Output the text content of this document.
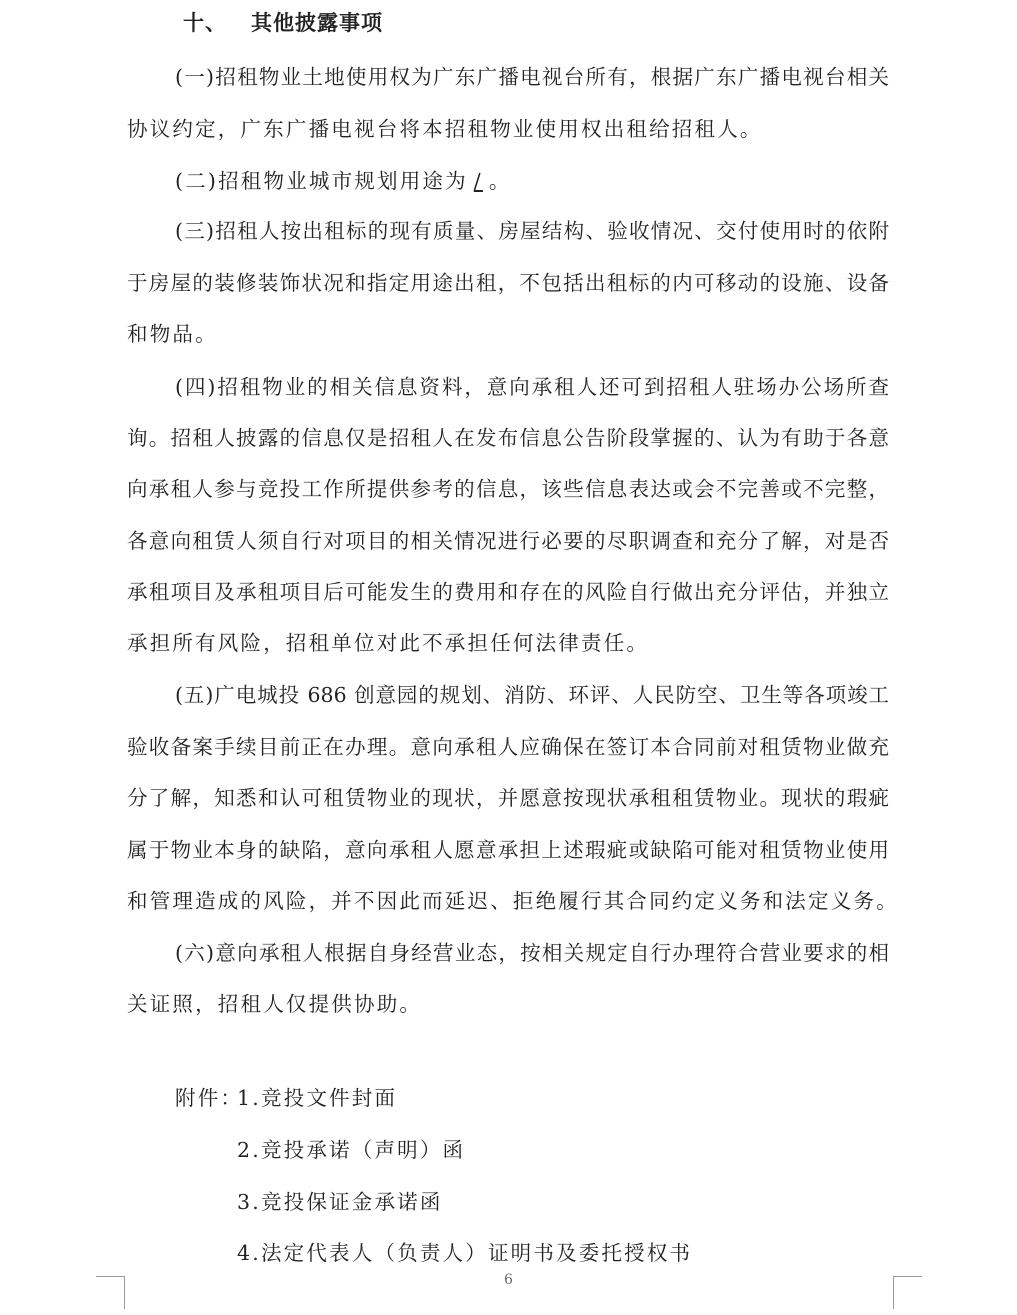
十、 其他披露事项
(一)招租物业土地使用权为广东广播电视台所有，根据广东广播电视台相关
协议约定，广东广播电视台将本招租物业使用权出租给招租人。
(二)招租物业城市规划用途为 / 。
(三)招租人按出租标的现有质量、房屋结构、验收情况、交付使用时的依附
于房屋的装修装饰状况和指定用途出租，不包括出租标的内可移动的设施、设备
和物品。
(四)招租物业的相关信息资料，意向承租人还可到招租人驻场办公场所查
询。招租人披露的信息仅是招租人在发布信息公告阶段掌握的、认为有助于各意
向承租人参与竞投工作所提供参考的信息，该些信息表达或会不完善或不完整，
各意向租赁人须自行对项目的相关情况进行必要的尽职调查和充分了解，对是否
承租项目及承租项目后可能发生的费用和存在的风险自行做出充分评估，并独立
承担所有风险，招租单位对此不承担任何法律责任。
(五)广电城投 686 创意园的规划、消防、环评、人民防空、卫生等各项竣工
验收备案手续目前正在办理。意向承租人应确保在签订本合同前对租赁物业做充
分了解，知悉和认可租赁物业的现状，并愿意按现状承租租赁物业。现状的瑕疵
属于物业本身的缺陷，意向承租人愿意承担上述瑕疵或缺陷可能对租赁物业使用
和管理造成的风险，并不因此而延迟、拒绝履行其合同约定义务和法定义务。
(六)意向承租人根据自身经营业态，按相关规定自行办理符合营业要求的相
关证照，招租人仅提供协助。
附件：
1.竞投文件封面
2.竞投承诺（声明）函
3.竞投保证金承诺函
4.法定代表人（负责人）证明书及委托授权书
6
